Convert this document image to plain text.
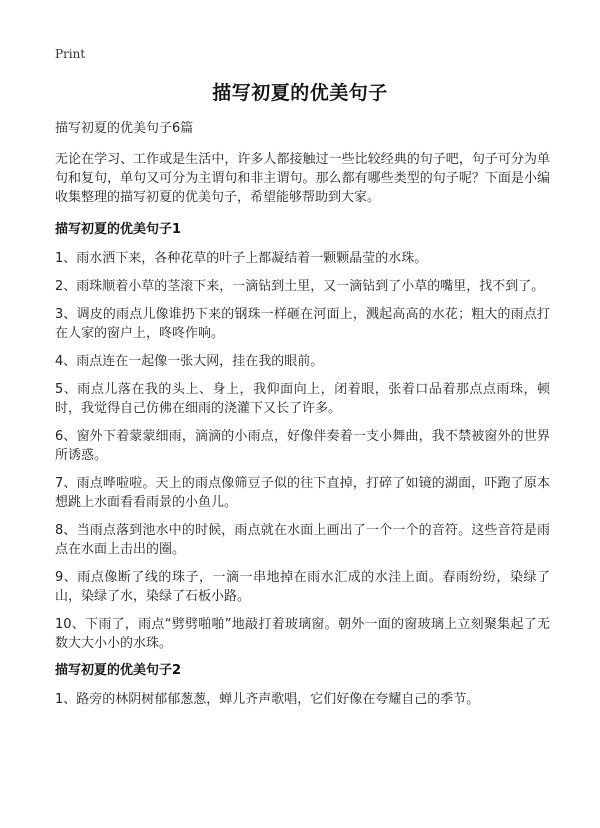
Print
描写初夏的优美句子

描写初夏的优美句子6篇

无论在学习、工作或是生活中，许多人都接触过一些比较经典的句子吧，句子可分为单句和复句，单句又可分为主谓句和非主谓句。那么都有哪些类型的句子呢？下面是小编收集整理的描写初夏的优美句子，希望能够帮助到大家。

描写初夏的优美句子1

1、雨水洒下来，各种花草的叶子上都凝结着一颗颗晶莹的水珠。

2、雨珠顺着小草的茎滚下来，一滴钻到土里，又一滴钻到了小草的嘴里，找不到了。

3、调皮的雨点儿像谁扔下来的钢珠一样砸在河面上，溅起高高的水花；粗大的雨点打在人家的窗户上，咚咚作响。

4、雨点连在一起像一张大网，挂在我的眼前。

5、雨点儿落在我的头上、身上，我仰面向上，闭着眼，张着口品着那点点雨珠，顿时，我觉得自己仿佛在细雨的浇灌下又长了许多。

6、窗外下着蒙蒙细雨，滴滴的小雨点，好像伴奏着一支小舞曲，我不禁被窗外的世界所诱惑。

7、雨点哗啦啦。天上的雨点像筛豆子似的往下直掉，打碎了如镜的湖面，吓跑了原本想跳上水面看看雨景的小鱼儿。

8、当雨点落到池水中的时候，雨点就在水面上画出了一个一个的音符。这些音符是雨点在水面上击出的圈。

9、雨点像断了线的珠子，一滴一串地掉在雨水汇成的水洼上面。春雨纷纷，染绿了山，染绿了水，染绿了石板小路。

10、下雨了，雨点“劈劈啪啪”地敲打着玻璃窗。朝外一面的窗玻璃上立刻聚集起了无数大大小小的水珠。

描写初夏的优美句子2

1、路旁的林阴树郁郁葱葱，蝉儿齐声歌唱，它们好像在夸耀自己的季节。
